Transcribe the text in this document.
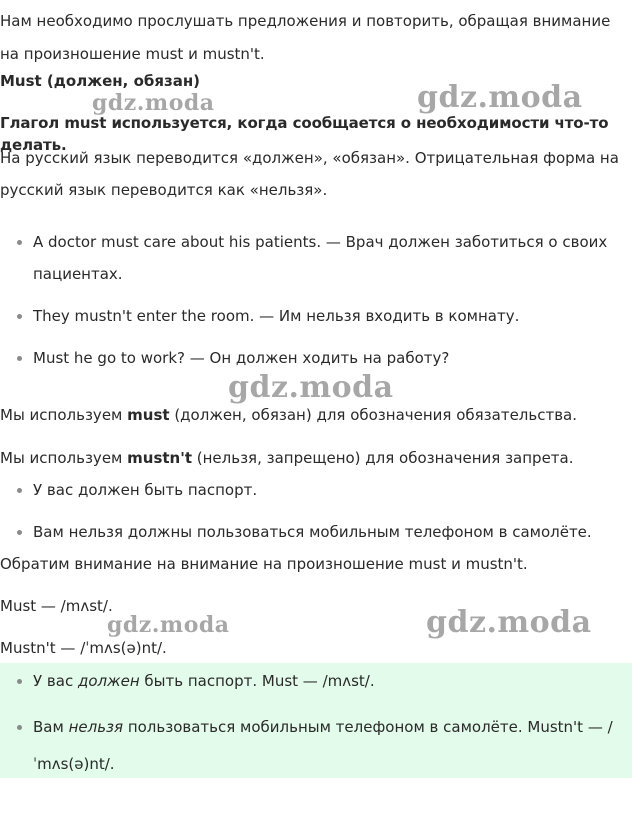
Нам необходимо прослушать предложения и повторить, обращая внимание на произношение must и mustn't.

Must (должен, обязан)

Глагол must используется, когда сообщается о необходимости что-то делать.

На русский язык переводится «должен», «обязан». Отрицательная форма на русский язык переводится как «нельзя».

A doctor must care about his patients. — Врач должен заботиться о своих пациентах.
They mustn't enter the room. — Им нельзя входить в комнату.
Must he go to work? — Он должен ходить на работу?

Мы используем must (должен, обязан) для обозначения обязательства.

Мы используем mustn't (нельзя, запрещено) для обозначения запрета.

У вас должен быть паспорт.
Вам нельзя должны пользоваться мобильным телефоном в самолёте.

Обратим внимание на внимание на произношение must и mustn't.

Must — /mʌst/.

Mustn't — /ˈmʌs(ə)nt/.

У вас должен быть паспорт. Must — /mʌst/.
Вам нельзя пользоваться мобильным телефоном в самолёте. Mustn't — /ˈmʌs(ə)nt/.
gdz.moda	gdz.moda
gdz.moda
gdz.moda	gdz.moda
